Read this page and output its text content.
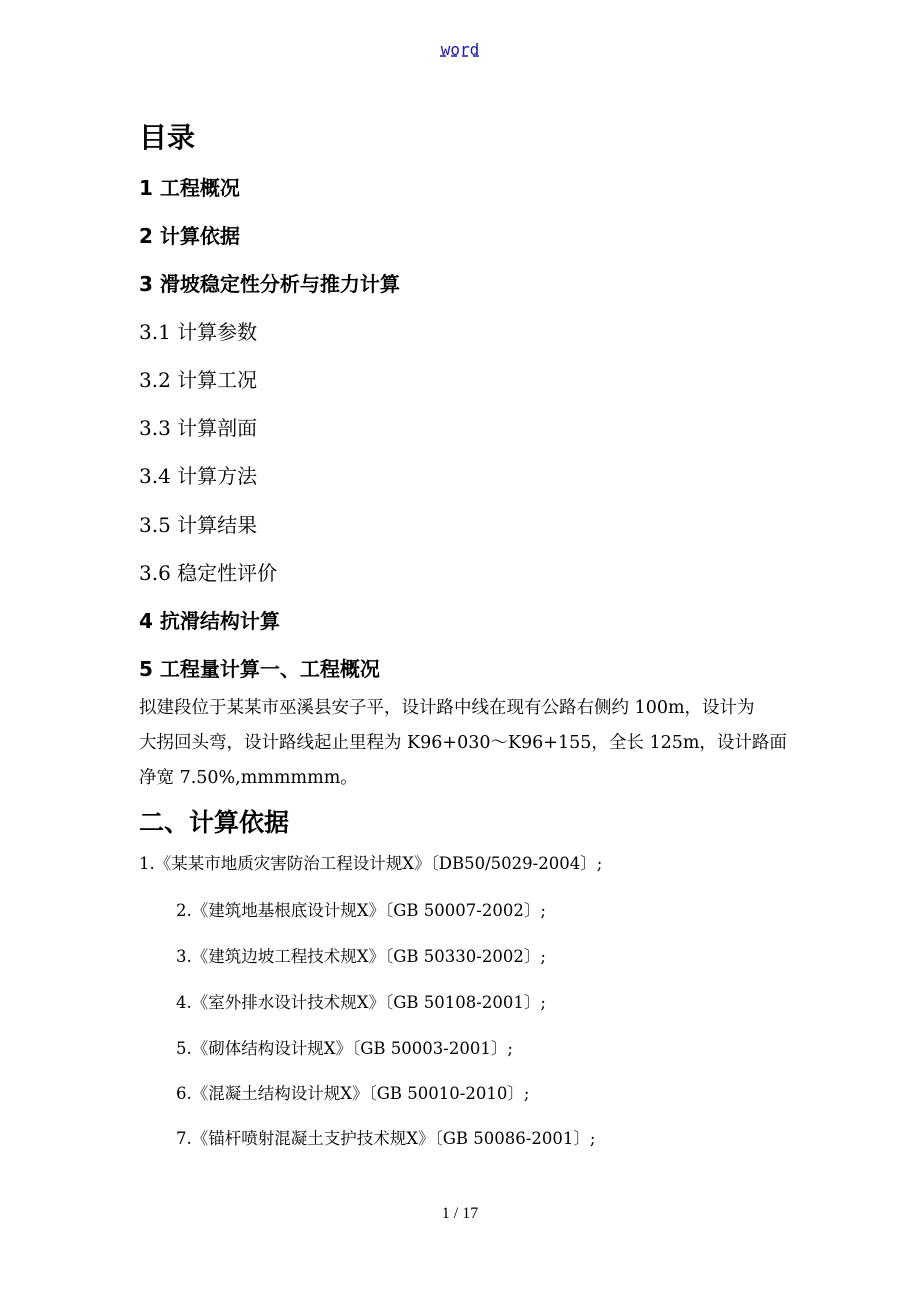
word
目录
1 工程概况
2 计算依据
3 滑坡稳定性分析与推力计算
3.1 计算参数
3.2 计算工况
3.3 计算剖面
3.4 计算方法
3.5 计算结果
3.6 稳定性评价
4 抗滑结构计算
5 工程量计算一、工程概况
拟建段位于某某市巫溪县安子平，设计路中线在现有公路右侧约 100m，设计为
大拐回头弯，设计路线起止里程为 K96+030～K96+155，全长 125m，设计路面
净宽 7.50%,mmmmmm。
二、计算依据
1.《某某市地质灾害防治工程设计规X》〔DB50/5029-2004〕;
2.《建筑地基根底设计规X》〔GB 50007-2002〕;
3.《建筑边坡工程技术规X》〔GB 50330-2002〕;
4.《室外排水设计技术规X》〔GB 50108-2001〕;
5.《砌体结构设计规X》〔GB 50003-2001〕;
6.《混凝土结构设计规X》〔GB 50010-2010〕;
7.《锚杆喷射混凝土支护技术规X》〔GB 50086-2001〕;
1 / 17
